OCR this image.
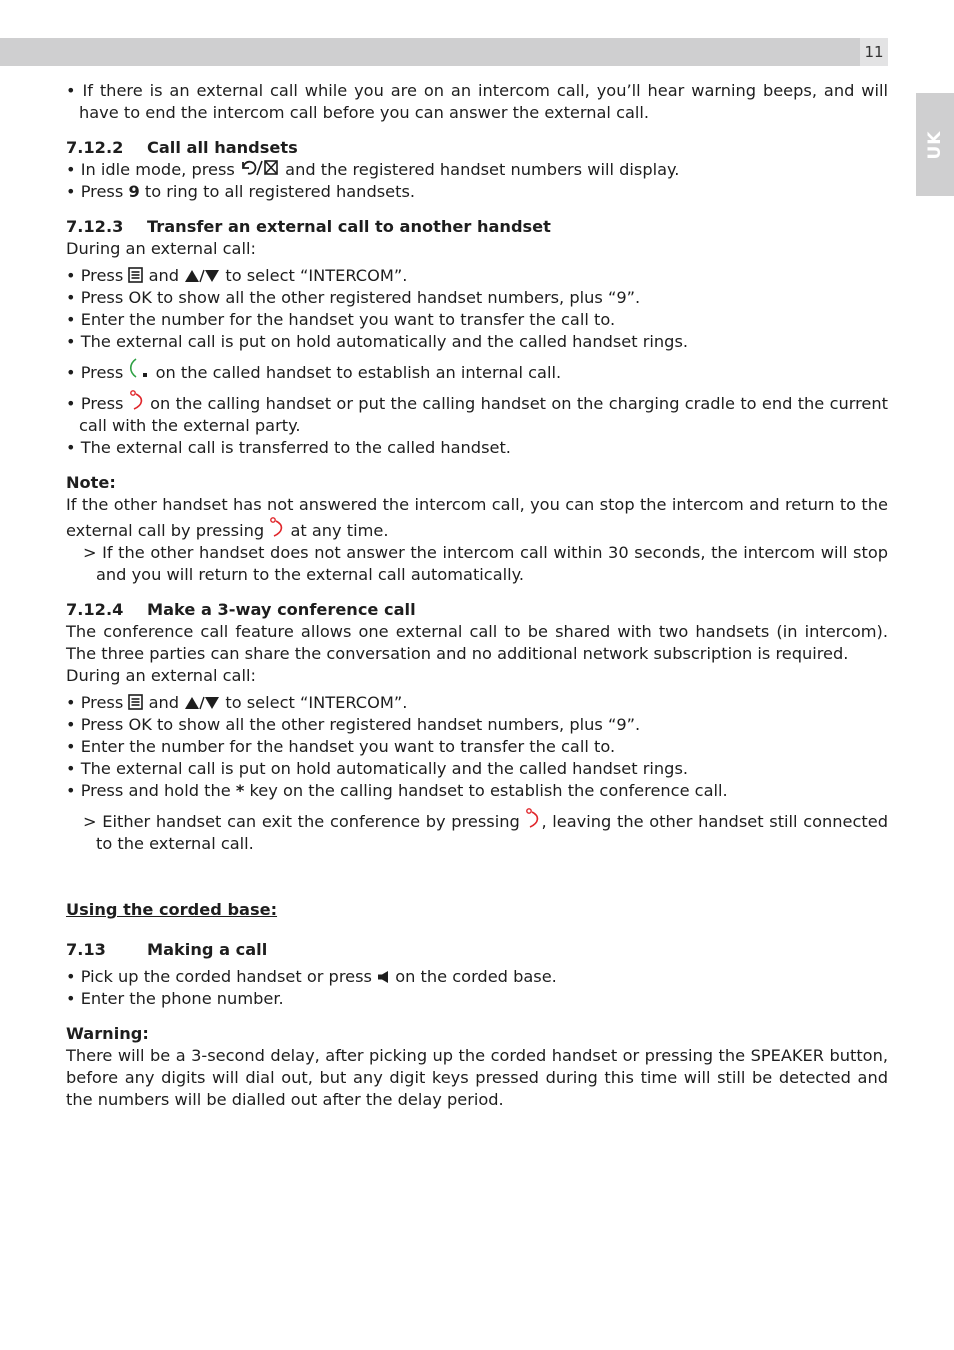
11
UK

• If there is an external call while you are on an intercom call, you’ll hear warning beeps, and will have to end the intercom call before you can answer the external call.

7.12.2 Call all handsets

• In idle mode, press
and the registered handset numbers will display.

• Press 9 to ring to all registered handsets.

7.12.3 Transfer an external call to another handset

During an external call:

• Press
and
to select “INTERCOM”.

• Press OK to show all the other registered handset numbers, plus “9”.

• Enter the number for the handset you want to transfer the call to.

• The external call is put on hold automatically and the called handset rings.

• Press
on the called handset to establish an internal call.

• Press
on the calling handset or put the calling handset on the charging cradle to end the current call with the external party.

• The external call is transferred to the called handset.

Note:

If the other handset has not answered the intercom call, you can stop the intercom and return to the external call by pressing
at any time.

> If the other handset does not answer the intercom call within 30 seconds, the intercom will stop and you will return to the external call automatically.

7.12.4 Make a 3-way conference call

The conference call feature allows one external call to be shared with two handsets (in intercom). The three parties can share the conversation and no additional network subscription is required.

During an external call:

• Press
and
to select “INTERCOM”.

• Press OK to show all the other registered handset numbers, plus “9”.

• Enter the number for the handset you want to transfer the call to.

• The external call is put on hold automatically and the called handset rings.

• Press and hold the * key on the calling handset to establish the conference call.

> Either handset can exit the conference by pressing
, leaving the other handset still connected to the external call.

Using the corded base:

7.13	Making a call

• Pick up the corded handset or press
on the corded base.

• Enter the phone number.

Warning:

There will be a 3-second delay, after picking up the corded handset or pressing the SPEAKER button, before any digits will dial out, but any digit keys pressed during this time will still be detected and the numbers will be dialled out after the delay period.
